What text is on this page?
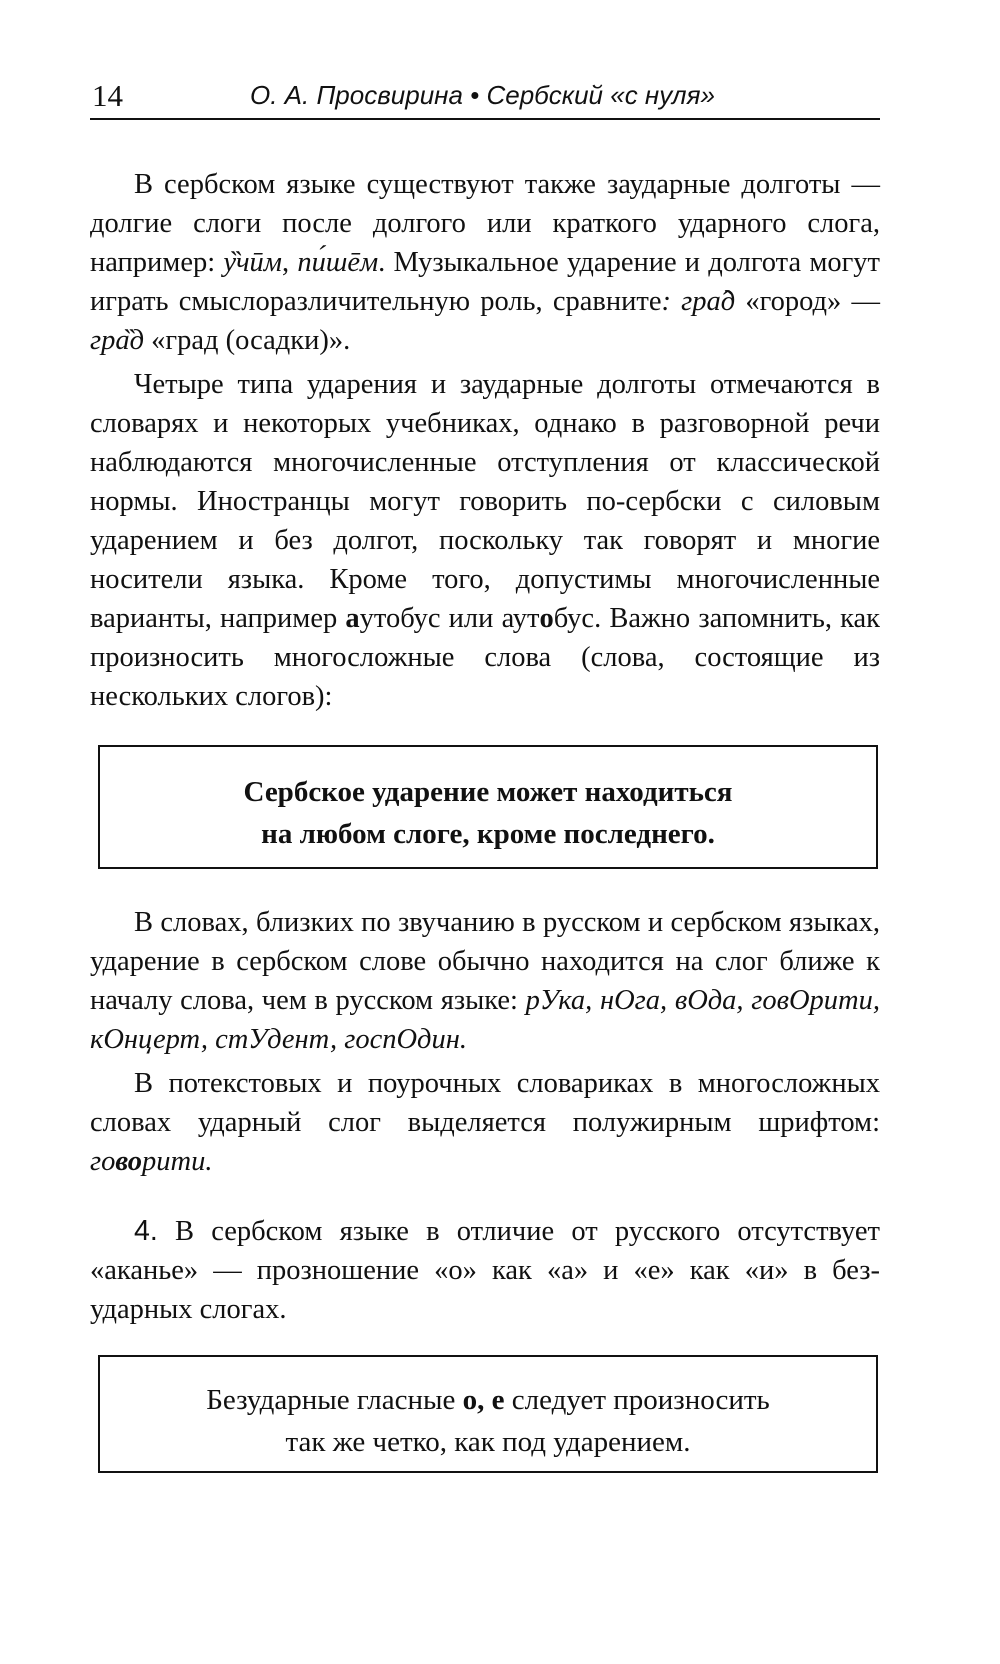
14	О. А. Просвирина • Сербский «с нуля»

В сербском языке существуют также заударные долготы — долгие слоги после долгого или краткого ударного слога, например: у̏чӣм, пи́шēм. Музыкальное ударение и долгота могут играть смыслоразличительную роль, сравните: гра̂д «город» — гра̏д «град (осадки)».

Четыре типа ударения и заударные долготы отмечаются в словарях и некоторых учебниках, однако в разговорной речи наблюдаются многочисленные отступления от классической нормы. Иностранцы могут говорить по-сербски с силовым ударением и без долгот, поскольку так говорят и многие носители языка. Кроме того, допустимы многочисленные варианты, например аутобус или аутобус. Важно запомнить, как произносить многосложные слова (слова, состоящие из нескольких слогов):

Сербское ударение может находиться
на любом слоге, кроме последнего.

В словах, близких по звучанию в русском и сербском языках, ударение в сербском слове обычно находится на слог ближе к началу слова, чем в русском языке: рУка, нОга, вОда, говОрити, кОнцерт, стУдент, госпОдин.

В потекстовых и поурочных словариках в многосложных словах ударный слог выделяется полужирным шрифтом: говорити.

4. В сербском языке в отличие от русского отсутствует «аканье» — прозношение «о» как «а» и «е» как «и» в безударных слогах.

Безударные гласные о, е следует произносить
так же четко, как под ударением.
